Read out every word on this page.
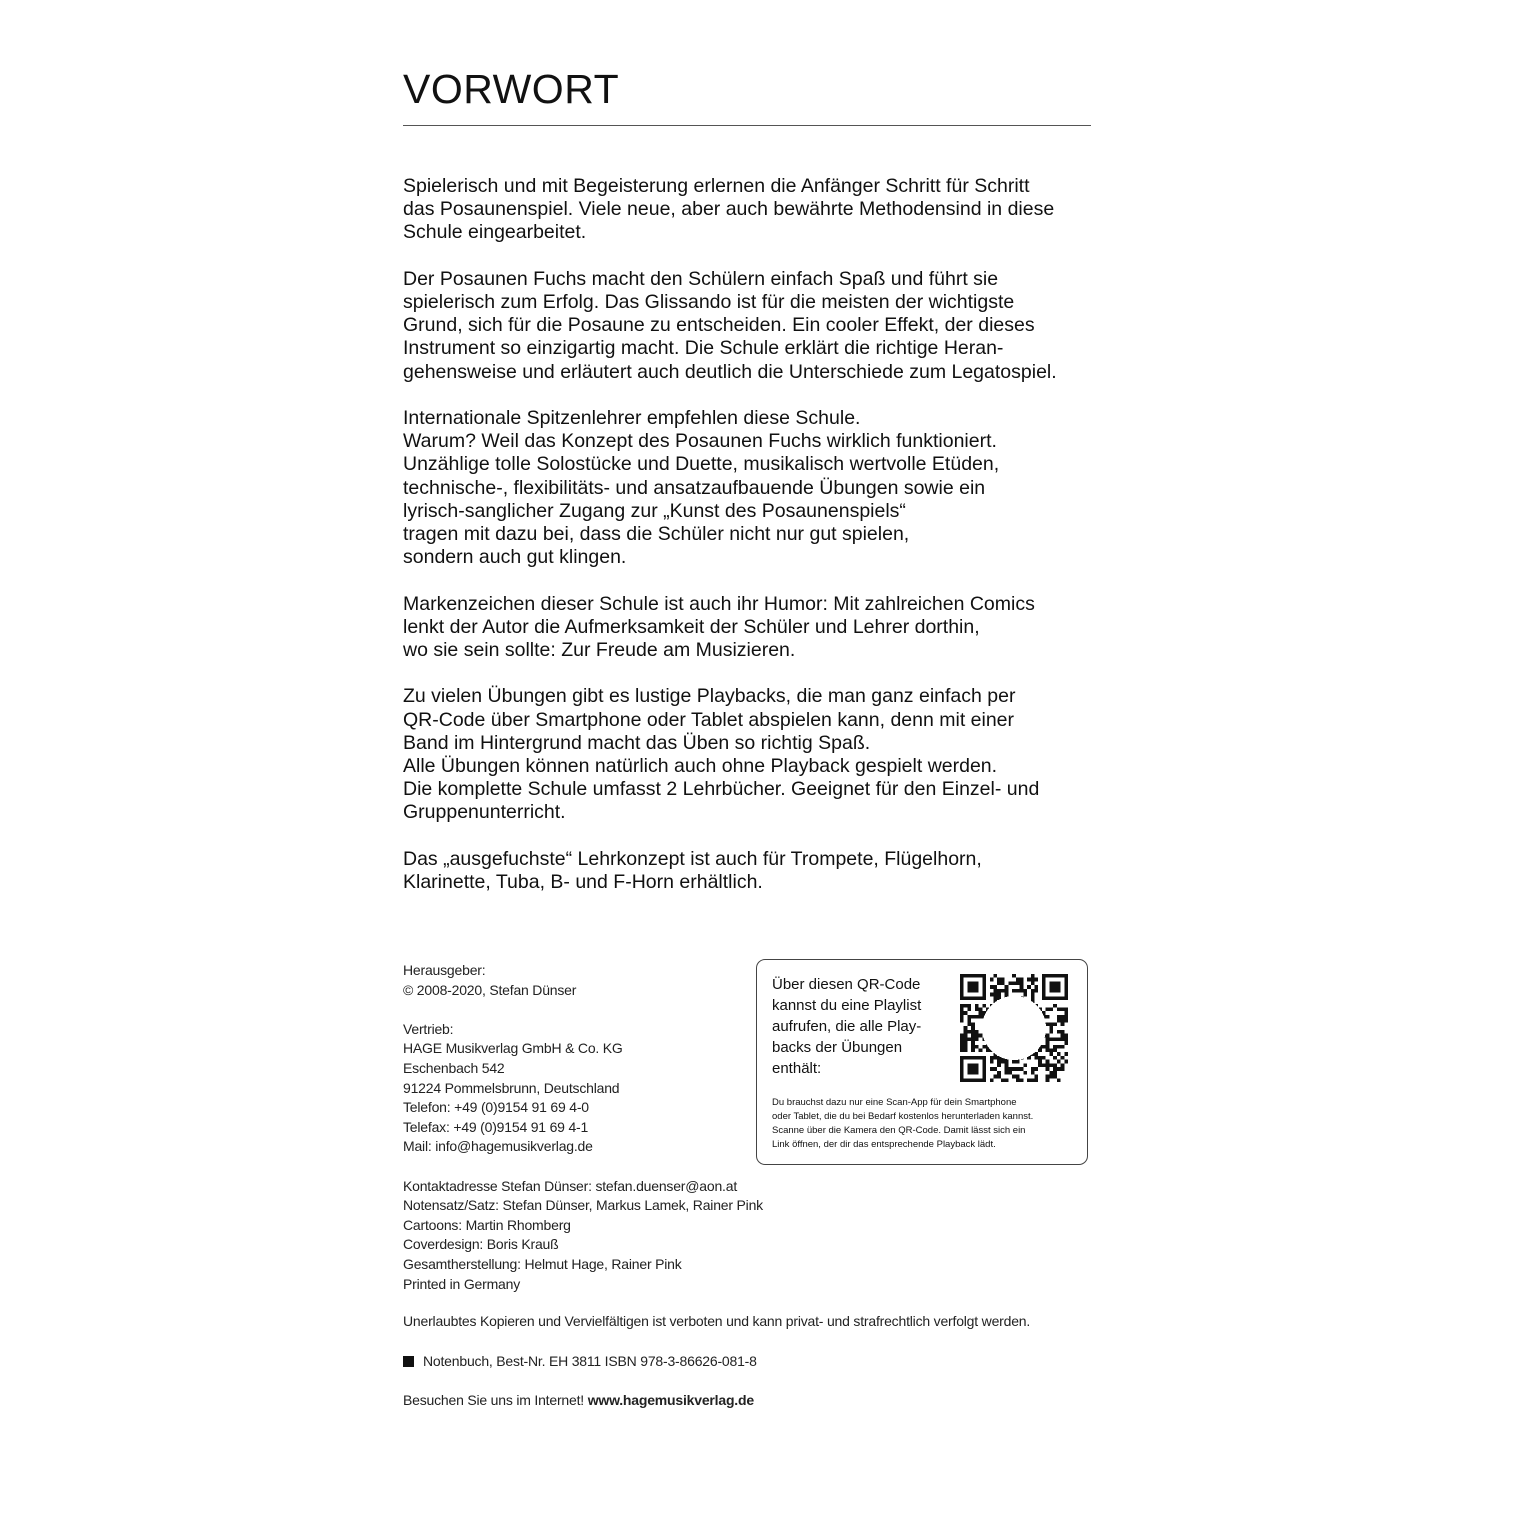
VORWORT

Spielerisch und mit Begeisterung erlernen die Anfänger Schritt für Schritt
das Posaunenspiel. Viele neue, aber auch bewährte Methodensind in diese
Schule eingearbeitet.

Der Posaunen Fuchs macht den Schülern einfach Spaß und führt sie
spielerisch zum Erfolg. Das Glissando ist für die meisten der wichtigste
Grund, sich für die Posaune zu entscheiden. Ein cooler Effekt, der dieses
Instrument so einzigartig macht. Die Schule erklärt die richtige Heran-
gehensweise und erläutert auch deutlich die Unterschiede zum Legatospiel.

Internationale Spitzenlehrer empfehlen diese Schule.
Warum? Weil das Konzept des Posaunen Fuchs wirklich funktioniert.
Unzählige tolle Solostücke und Duette, musikalisch wertvolle Etüden,
technische-, flexibilitäts- und ansatzaufbauende Übungen sowie ein
lyrisch-sanglicher Zugang zur „Kunst des Posaunenspiels“
tragen mit dazu bei, dass die Schüler nicht nur gut spielen,
sondern auch gut klingen.

Markenzeichen dieser Schule ist auch ihr Humor: Mit zahlreichen Comics
lenkt der Autor die Aufmerksamkeit der Schüler und Lehrer dorthin,
wo sie sein sollte: Zur Freude am Musizieren.

Zu vielen Übungen gibt es lustige Playbacks, die man ganz einfach per
QR-Code über Smartphone oder Tablet abspielen kann, denn mit einer
Band im Hintergrund macht das Üben so richtig Spaß.
Alle Übungen können natürlich auch ohne Playback gespielt werden.
Die komplette Schule umfasst 2 Lehrbücher. Geeignet für den Einzel- und
Gruppenunterricht.

Das „ausgefuchste“ Lehrkonzept ist auch für Trompete, Flügelhorn,
Klarinette, Tuba, B- und F-Horn erhältlich.

Herausgeber:
© 2008-2020, Stefan Dünser
Vertrieb:
HAGE Musikverlag GmbH & Co. KG
Eschenbach 542
91224 Pommelsbrunn, Deutschland
Telefon: +49 (0)9154 91 69 4-0
Telefax: +49 (0)9154 91 69 4-1
Mail: info@hagemusikverlag.de
Kontaktadresse Stefan Dünser: stefan.duenser@aon.at
Notensatz/Satz: Stefan Dünser, Markus Lamek, Rainer Pink
Cartoons: Martin Rhomberg
Coverdesign: Boris Krauß
Gesamtherstellung: Helmut Hage, Rainer Pink
Printed in Germany
Über diesen QR-Code
kannst du eine Playlist
aufrufen, die alle Play-
backs der Übungen
enthält:
Du brauchst dazu nur eine Scan-App für dein Smartphone
oder Tablet, die du bei Bedarf kostenlos herunterladen kannst.
Scanne über die Kamera den QR-Code. Damit lässt sich ein
Link öffnen, der dir das entsprechende Playback lädt.
Unerlaubtes Kopieren und Vervielfältigen ist verboten und kann privat- und strafrechtlich verfolgt werden.
Notenbuch, Best-Nr. EH 3811 ISBN 978-3-86626-081-8
Besuchen Sie uns im Internet! www.hagemusikverlag.de
